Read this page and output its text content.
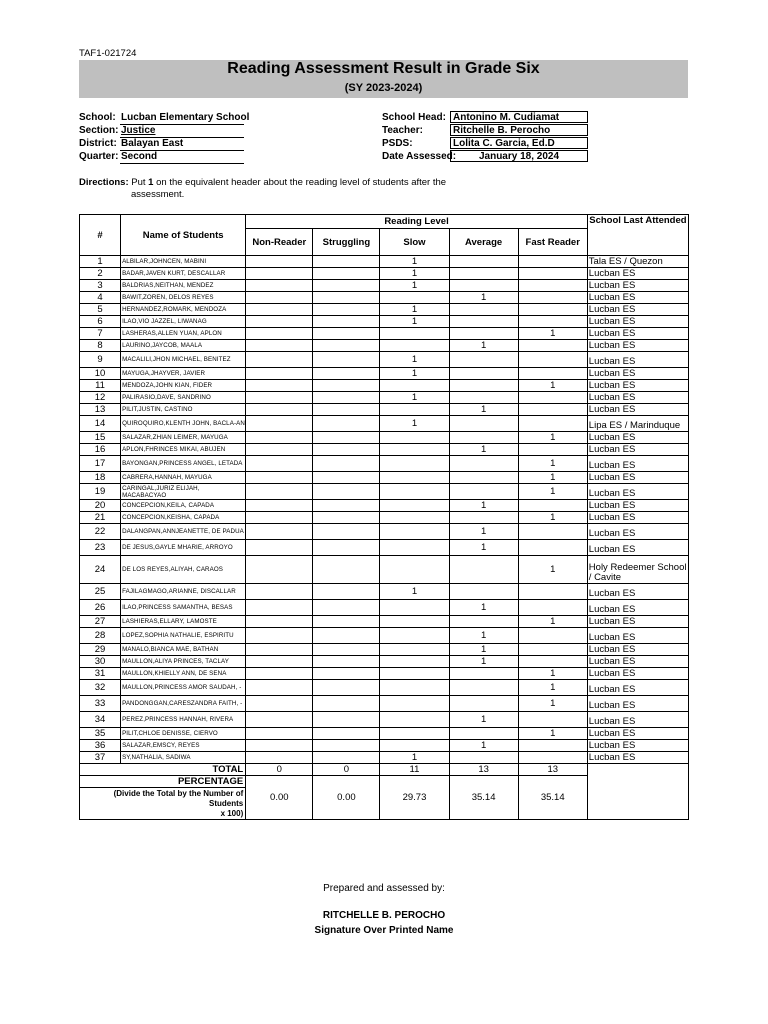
TAF1-021724
Reading Assessment Result in Grade Six
(SY 2023-2024)
School: Lucban Elementary School
Section: Justice
District: Balayan East
Quarter: Second
School Head: Antonino M. Cudiamat
Teacher:	Ritchelle B. Perocho
PSDS:	Lolita C. Garcia, Ed.D
Date Assessed:	January 18, 2024
Directions: Put 1 on the equivalent header about the reading level of students after the
assessment.
#	Name of Students	Reading Level					School Last Attended
		Non-Reader	Struggling	Slow	Average	Fast Reader	
1	ALBILAR,JOHNCEN, MABINI			1			Tala ES / Quezon
2	BADAR,JAVEN KURT, DESCALLAR			1			Lucban ES
3	BALDRIAS,NEITHAN, MENDEZ			1			Lucban ES
4	BAWIT,ZOREN, DELOS REYES				1		Lucban ES
5	HERNANDEZ,ROMARK, MENDOZA			1			Lucban ES
6	ILAO,VIO JAZZEL, LIWANAG			1			Lucban ES
7	LASHERAS,ALLEN YUAN, APLON					1	Lucban ES
8	LAURINO,JAYCOB, MAALA				1		Lucban ES
9	MACALILI,JHON MICHAEL, BENITEZ			1			Lucban ES
10	MAYUGA,JHAYVER, JAVIER			1			Lucban ES
11	MENDOZA,JOHN KIAN, FIDER					1	Lucban ES
12	PALIRASIO,DAVE, SANDRINO			1			Lucban ES
13	PILIT,JUSTIN, CASTINO				1		Lucban ES
14	QUIROQUIRO,KLENTH JOHN, BACLA-AN			1			Lipa ES / Marinduque
15	SALAZAR,ZHIAN LEIMER, MAYUGA					1	Lucban ES
16	APLON,FHRINCES MIKAI, ABUJEN				1		Lucban ES
17	BAYONGAN,PRINCESS ANGEL, LETADA					1	Lucban ES
18	CABRERA,HANNAH, MAYUGA					1	Lucban ES
19	CARINGAL,JURIZ ELIJAH, MACABACYAO					1	Lucban ES
20	CONCEPCION,KEILA, CAPADA				1		Lucban ES
21	CONCEPCION,KEISHA, CAPADA					1	Lucban ES
22	DALANGPAN,ANNJEANETTE, DE PADUA				1		Lucban ES
23	DE JESUS,GAYLE MHARIE, ARROYO				1		Lucban ES
24	DE LOS REYES,ALIYAH, CARAOS					1	Holy Redeemer School / Cavite
25	FAJILAGMAGO,ARIANNE, DISCALLAR			1			Lucban ES
26	ILAO,PRINCESS SAMANTHA, BESAS				1		Lucban ES
27	LASHIERAS,ELLARY, LAMOSTE					1	Lucban ES
28	LOPEZ,SOPHIA NATHALIE, ESPIRITU				1		Lucban ES
29	MANALO,BIANCA MAE, BATHAN				1		Lucban ES
30	MAULLON,ALIYA PRINCES, TACLAY				1		Lucban ES
31	MAULLON,KHIELLY ANN, DE SENA					1	Lucban ES
32	MAULLON,PRINCESS AMOR SAUDAH, -					1	Lucban ES
33	PANDONGGAN,CARESZANDRA FAITH, -					1	Lucban ES
34	PEREZ,PRINCESS HANNAH, RIVERA				1		Lucban ES
35	PILIT,CHLOE DENISSE, CIERVO					1	Lucban ES
36	SALAZAR,EMSCY, REYES				1		Lucban ES
37	SY,NATHALIA, SADIWA			1			Lucban ES
TOTAL		0	0	11	13	13	
PERCENTAGE		0.00	0.00	29.73	35.14	35.14	
(Divide the Total by the Number of Students
x 100)							
Prepared and assessed by:
RITCHELLE B. PEROCHO
Signature Over Printed Name
